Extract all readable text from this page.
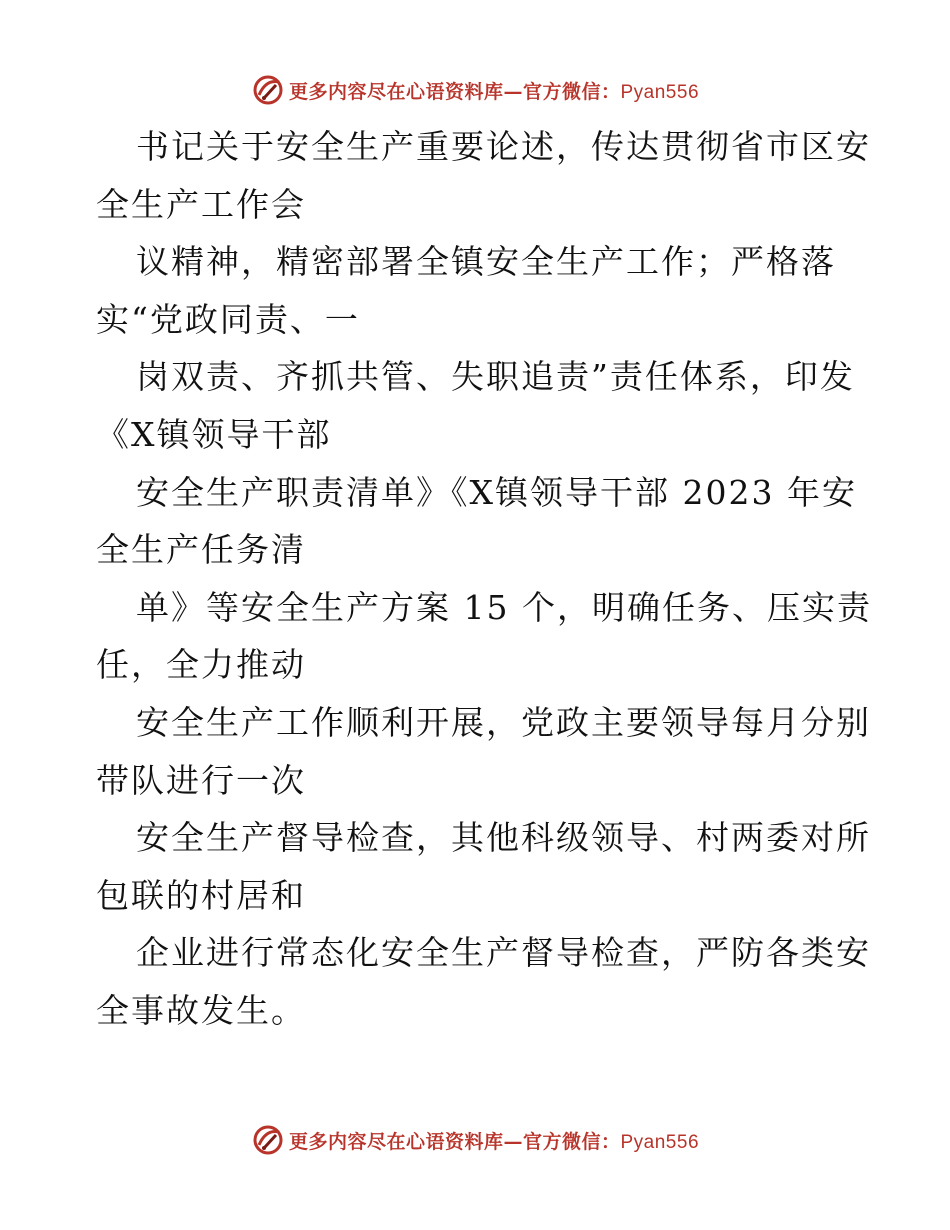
更多内容尽在心语资料库—官方微信：Pyan556
书记关于安全生产重要论述，传达贯彻省市区安
全生产工作会
议精神，精密部署全镇安全生产工作；严格落
实“党政同责、一
岗双责、齐抓共管、失职追责”责任体系，印发
《X镇领导干部
安全生产职责清单》《X镇领导干部 2023 年安
全生产任务清
单》等安全生产方案 15 个，明确任务、压实责
任，全力推动
安全生产工作顺利开展，党政主要领导每月分别
带队进行一次
安全生产督导检查，其他科级领导、村两委对所
包联的村居和
企业进行常态化安全生产督导检查，严防各类安
全事故发生。
更多内容尽在心语资料库—官方微信：Pyan556
